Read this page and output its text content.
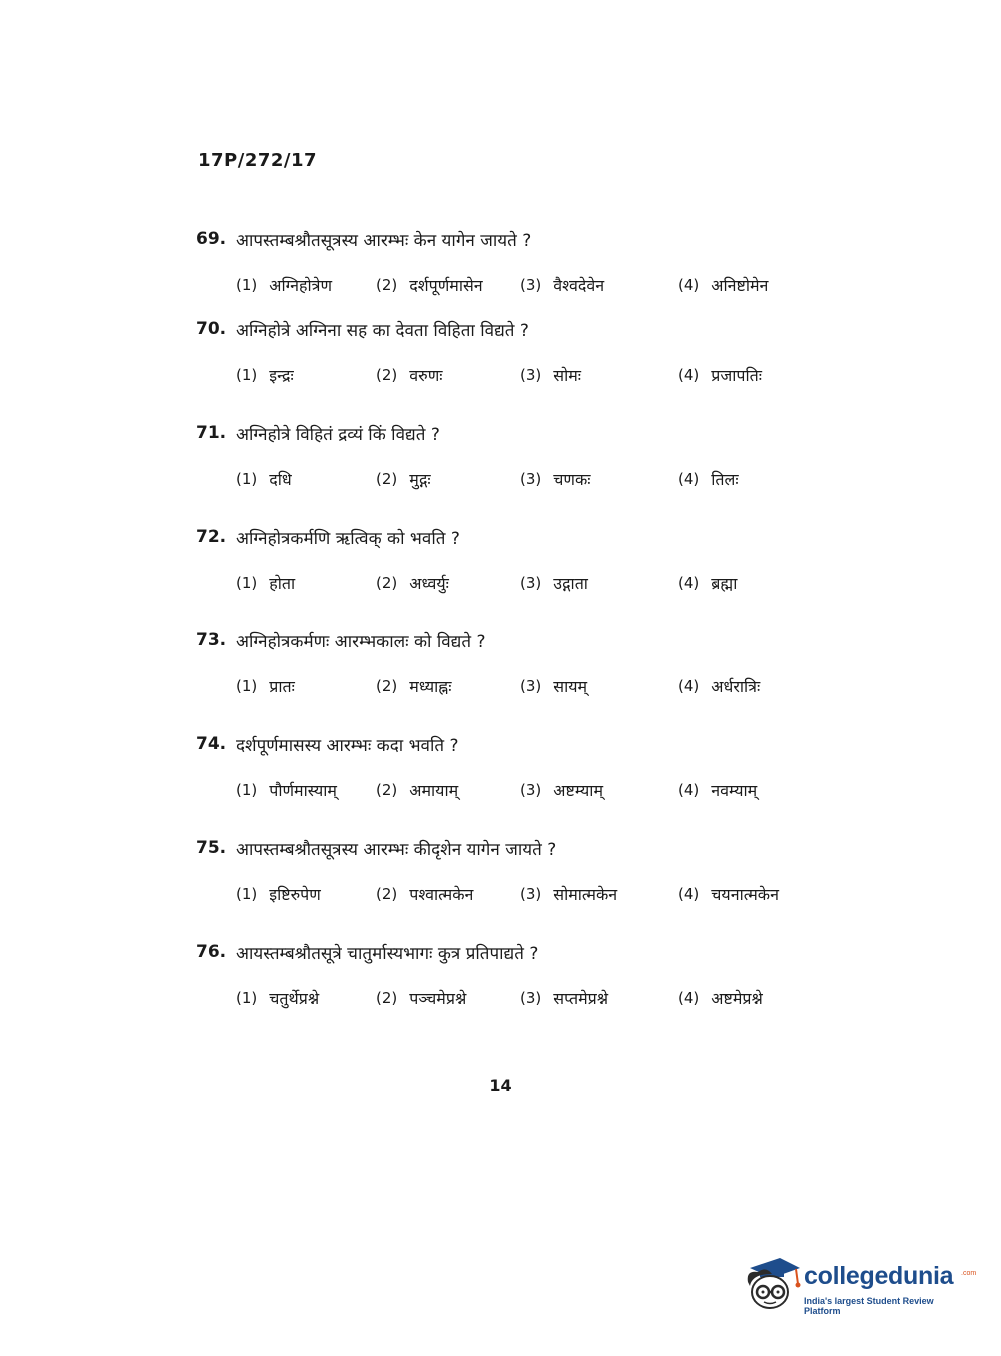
17P/272/17
69. आपस्तम्बश्रौतसूत्रस्य आरम्भः केन यागेन जायते ?
(1) अग्निहोत्रेण	(2) दर्शपूर्णमासेन (3) वैश्वदेवेन	(4) अनिष्टोमेन
70. अग्निहोत्रे अग्निना सह का देवता विहिता विद्यते ?
(1) इन्द्रः	(2) वरुणः	(3) सोमः	(4) प्रजापतिः
71. अग्निहोत्रे विहितं द्रव्यं किं विद्यते ?
(1) दधि	(2) मुद्गः	(3) चणकः	(4) तिलः
72. अग्निहोत्रकर्मणि ऋत्विक् को भवति ?
(1) होता	(2) अध्वर्युः	(3) उद्गाता	(4) ब्रह्मा
73. अग्निहोत्रकर्मणः आरम्भकालः को विद्यते ?
(1) प्रातः	(2) मध्याह्नः	(3) सायम्	(4) अर्धरात्रिः
74. दर्शपूर्णमासस्य आरम्भः कदा भवति ?
(1) पौर्णमास्याम्	(2) अमायाम्	(3) अष्टम्याम्	(4) नवम्याम्
75. आपस्तम्बश्रौतसूत्रस्य आरम्भः कीदृशेन यागेन जायते ?
(1) इष्टिरुपेण	(2) पश्वात्मकेन	(3) सोमात्मकेन	(4) चयनात्मकेन
76. आयस्तम्बश्रौतसूत्रे चातुर्मास्यभागः कुत्र प्रतिपाद्यते ?
(1) चतुर्थेप्रश्ने	(2) पञ्चमेप्रश्ने	(3) सप्तमेप्रश्ने	(4) अष्टमेप्रश्ने
14
collegedunia .com
India's largest Student Review Platform
